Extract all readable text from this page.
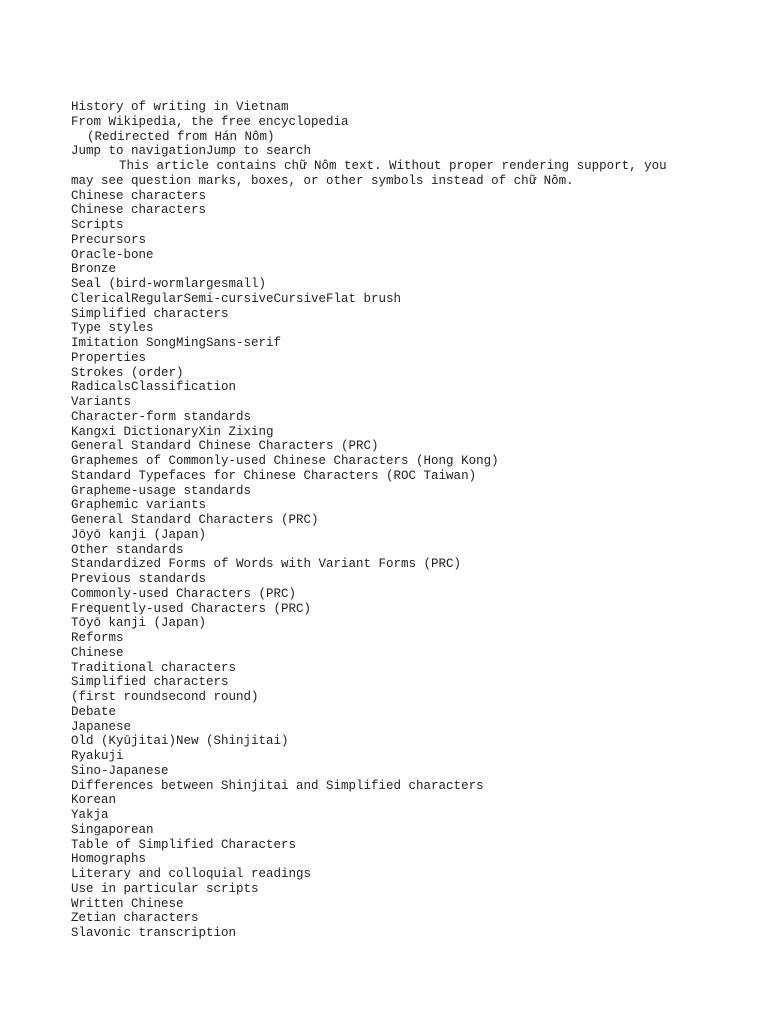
History of writing in Vietnam
From Wikipedia, the free encyclopedia
(Redirected from Hán Nôm)
Jump to navigationJump to search
This article contains chữ Nôm text. Without proper rendering support, you may see question marks, boxes, or other symbols instead of chữ Nôm.
Chinese characters
Chinese characters
Scripts
Precursors
Oracle-bone
Bronze
Seal (bird-wormlargesmall)
ClericalRegularSemi-cursiveCursiveFlat brush
Simplified characters
Type styles
Imitation SongMingSans-serif
Properties
Strokes (order)
RadicalsClassification
Variants
Character-form standards
Kangxi DictionaryXin Zixing
General Standard Chinese Characters (PRC)
Graphemes of Commonly-used Chinese Characters (Hong Kong)
Standard Typefaces for Chinese Characters (ROC Taiwan)
Grapheme-usage standards
Graphemic variants
General Standard Characters (PRC)
Jōyō kanji (Japan)
Other standards
Standardized Forms of Words with Variant Forms (PRC)
Previous standards
Commonly-used Characters (PRC)
Frequently-used Characters (PRC)
Tōyō kanji (Japan)
Reforms
Chinese
Traditional characters
Simplified characters
(first roundsecond round)
Debate
Japanese
Old (Kyūjitai)New (Shinjitai)
Ryakuji
Sino-Japanese
Differences between Shinjitai and Simplified characters
Korean
Yakja
Singaporean
Table of Simplified Characters
Homographs
Literary and colloquial readings
Use in particular scripts
Written Chinese
Zetian characters
Slavonic transcription
